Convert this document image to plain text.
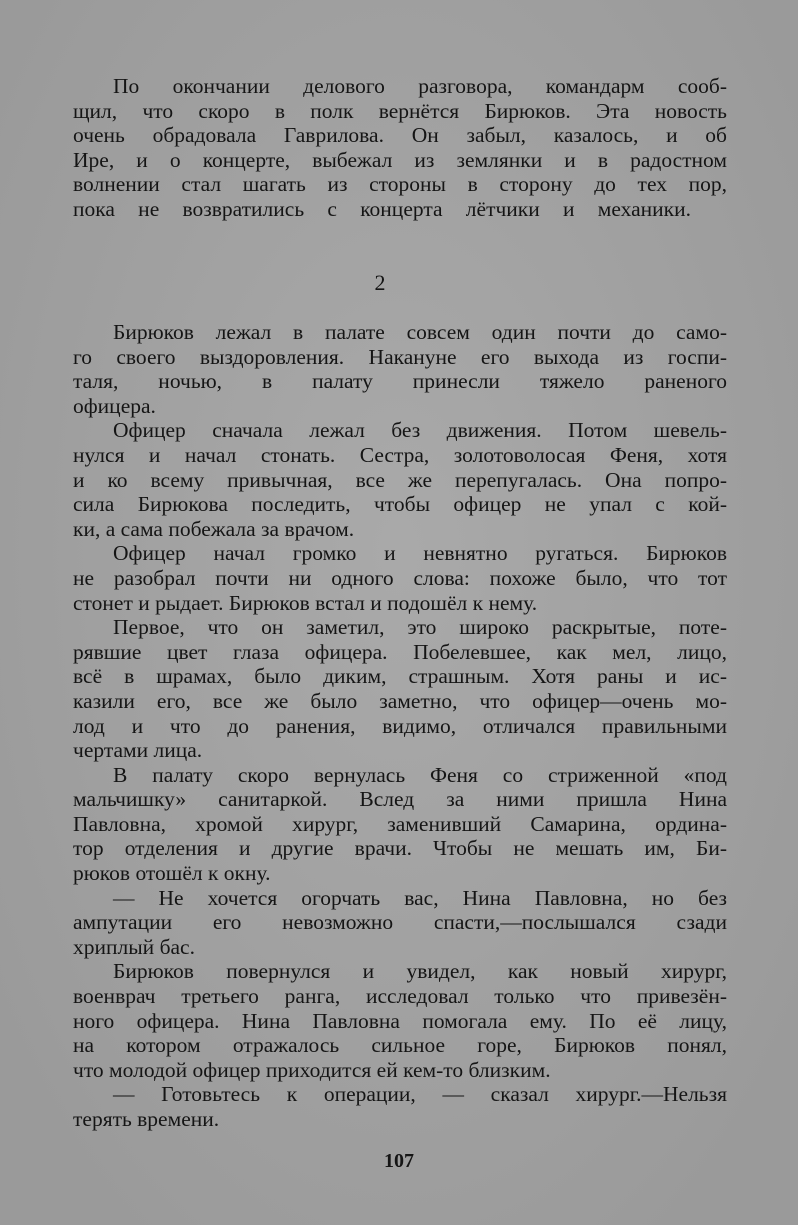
По окончании делового разговора, командарм сооб-
щил, что скоро в полк вернётся Бирюков. Эта новость
очень обрадовала Гаврилова. Он забыл, казалось, и об
Ире, и о концерте, выбежал из землянки и в радостном
волнении стал шагать из стороны в сторону до тех пор,
пока не возвратились с концерта лётчики и механики.
2
Бирюков лежал в палате совсем один почти до само-
го своего выздоровления. Накануне его выхода из госпи-
таля, ночью, в палату принесли тяжело раненого
офицера.
Офицер сначала лежал без движения. Потом шевель-
нулся и начал стонать. Сестра, золотоволосая Феня, хотя
и ко всему привычная, все же перепугалась. Она попро-
сила Бирюкова последить, чтобы офицер не упал с кой-
ки, а сама побежала за врачом.
Офицер начал громко и невнятно ругаться. Бирюков
не разобрал почти ни одного слова: похоже было, что тот
стонет и рыдает. Бирюков встал и подошёл к нему.
Первое, что он заметил, это широко раскрытые, поте-
рявшие цвет глаза офицера. Побелевшее, как мел, лицо,
всё в шрамах, было диким, страшным. Хотя раны и ис-
казили его, все же было заметно, что офицер—очень мо-
лод и что до ранения, видимо, отличался правильными
чертами лица.
В палату скоро вернулась Феня со стриженной «под
мальчишку» санитаркой. Вслед за ними пришла Нина
Павловна, хромой хирург, заменивший Самарина, ордина-
тор отделения и другие врачи. Чтобы не мешать им, Би-
рюков отошёл к окну.
— Не хочется огорчать вас, Нина Павловна, но без
ампутации его невозможно спасти,—послышался сзади
хриплый бас.
Бирюков повернулся и увидел, как новый хирург,
военврач третьего ранга, исследовал только что привезён-
ного офицера. Нина Павловна помогала ему. По её лицу,
на котором отражалось сильное горе, Бирюков понял,
что молодой офицер приходится ей кем-то близким.
— Готовьтесь к операции, — сказал хирург.—Нельзя
терять времени.
107
